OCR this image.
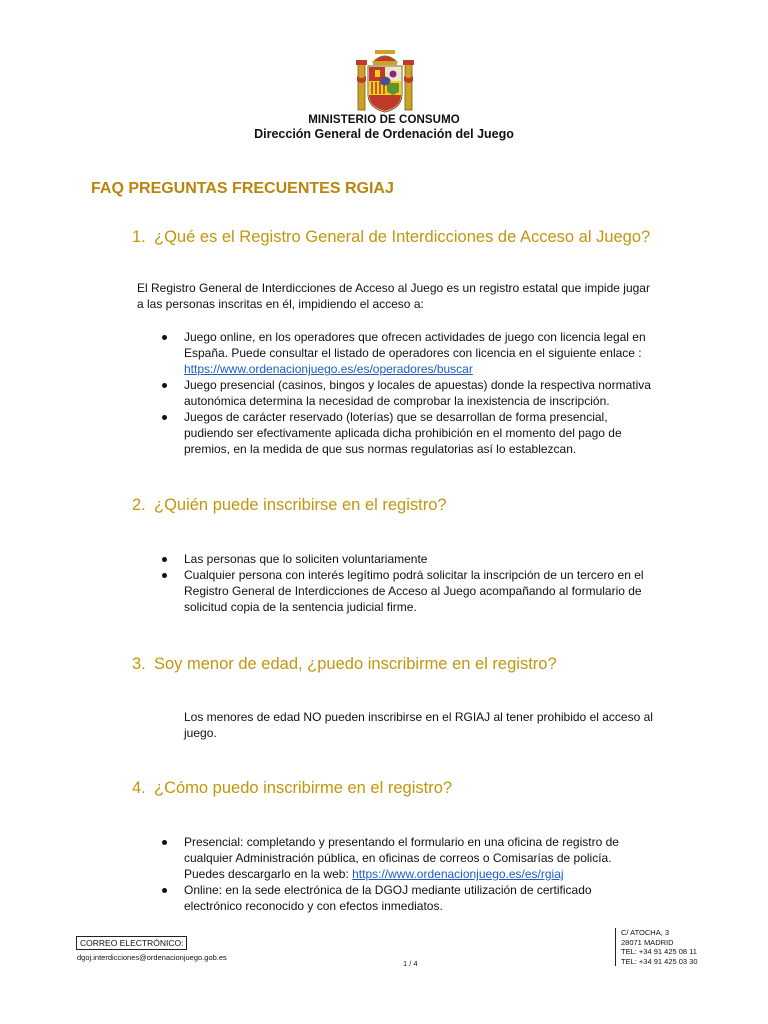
MINISTERIO DE CONSUMO
Dirección General de Ordenación del Juego
FAQ PREGUNTAS FRECUENTES RGIAJ
1. ¿Qué es el Registro General de Interdicciones de Acceso al Juego?
El Registro General de Interdicciones de Acceso al Juego es un registro estatal que impide jugar
a las personas inscritas en él, impidiendo el acceso a:
Juego online, en los operadores que ofrecen actividades de juego con licencia legal en
España. Puede consultar el listado de operadores con licencia en el siguiente enlace :
https://www.ordenacionjuego.es/es/operadores/buscar
Juego presencial (casinos, bingos y locales de apuestas) donde la respectiva normativa
autonómica determina la necesidad de comprobar la inexistencia de inscripción.
Juegos de carácter reservado (loterías) que se desarrollan de forma presencial,
pudiendo ser efectivamente aplicada dicha prohibición en el momento del pago de
premios, en la medida de que sus normas regulatorias así lo establezcan.
2. ¿Quién puede inscribirse en el registro?
Las personas que lo soliciten voluntariamente
Cualquier persona con interés legítimo podrá solicitar la inscripción de un tercero en el
Registro General de Interdicciones de Acceso al Juego acompañando al formulario de
solicitud copia de la sentencia judicial firme.
3. Soy menor de edad, ¿puedo inscribirme en el registro?
Los menores de edad NO pueden inscribirse en el RGIAJ al tener prohibido el acceso al
juego.
4. ¿Cómo puedo inscribirme en el registro?
Presencial: completando y presentando el formulario en una oficina de registro de
cualquier Administración pública, en oficinas de correos o Comisarías de policía.
Puedes descargarlo en la web: https://www.ordenacionjuego.es/es/rgiaj
Online: en la sede electrónica de la DGOJ mediante utilización de certificado
electrónico reconocido y con efectos inmediatos.
CORREO ELECTRÓNICO:
dgoj.interdicciones@ordenacionjuego.gob.es
1 / 4
C/ ATOCHA, 3
28071 MADRID
TEL: +34 91 425 08 11
TEL: +34 91 425 03 30
